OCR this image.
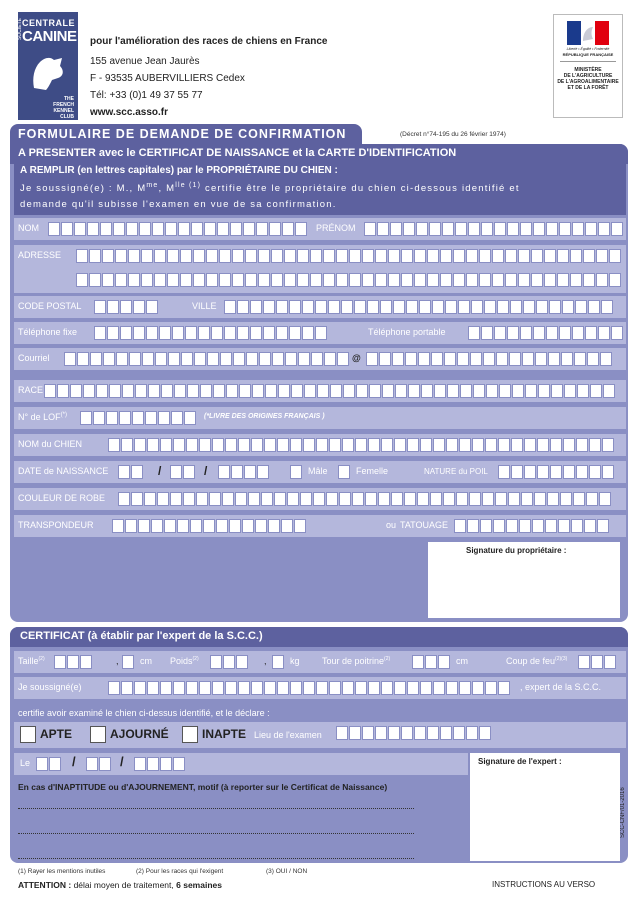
SOCIÉTÉ CENTRALE
CANINE
THE
FRENCH
KENNEL
CLUB
pour l'amélioration des races de chiens en France
155 avenue Jean Jaurès
F - 93535 AUBERVILLIERS Cedex
Tél: +33 (0)1 49 37 55 77
www.scc.asso.fr
Liberté • Égalité • Fraternité
RÉPUBLIQUE FRANÇAISE
MINISTÈRE
DE L'AGRICULTURE
DE L'AGROALIMENTAIRE
ET DE LA FORÊT
FORMULAIRE DE DEMANDE DE CONFIRMATION	(Décret n°74-195 du 26 février 1974)
A PRESENTER avec le CERTIFICAT DE NAISSANCE et la CARTE D'IDENTIFICATION
A REMPLIR (en lettres capitales) par le PROPRIÉTAIRE DU CHIEN :
Je soussigné(e) : M., $M^{me}$, $M^{lle (1)}$ certifie être le propriétaire du chien ci-dessous identifié et
demande qu'il subisse l'examen en vue de sa confirmation.
NOM	PRÉNOM
ADRESSE
CODE POSTAL	VILLE
Téléphone fixe	Téléphone portable
Courriel	@
RACE
N° de LOF(*)	(*LIVRE DES ORIGINES FRANÇAIS )
NOM du CHIEN
DATE de NAISSANCE	/	/	Mâle	Femelle	NATURE du POIL
COULEUR DE ROBE
TRANSPONDEUR	ou TATOUAGE
Signature du propriétaire :
CERTIFICAT (à établir par l'expert de la S.C.C.)
Taille$^{(2)}$	, cm Poids$^{(2)}$	,	kg Tour de poitrine$^{(2)}$	cm	Coup de feu$^{(2)(3)}$
Je soussigné(e)	, expert de la S.C.C.
certifie avoir examiné le chien ci-dessus identifié, et le déclare :
APTE	AJOURNÉ	INAPTE Lieu de l'examen
Le	/	/	Signature de l'expert :
SCC-CNF/01-2016
En cas d'INAPTITUDE ou d'AJOURNEMENT, motif (à reporter sur le Certificat de Naissance)
(1) Rayer les mentions inutiles	(2) Pour les races qui l'exigent	(3) OUI / NON
ATTENTION : délai moyen de traitement, 6 semaines	INSTRUCTIONS AU VERSO
